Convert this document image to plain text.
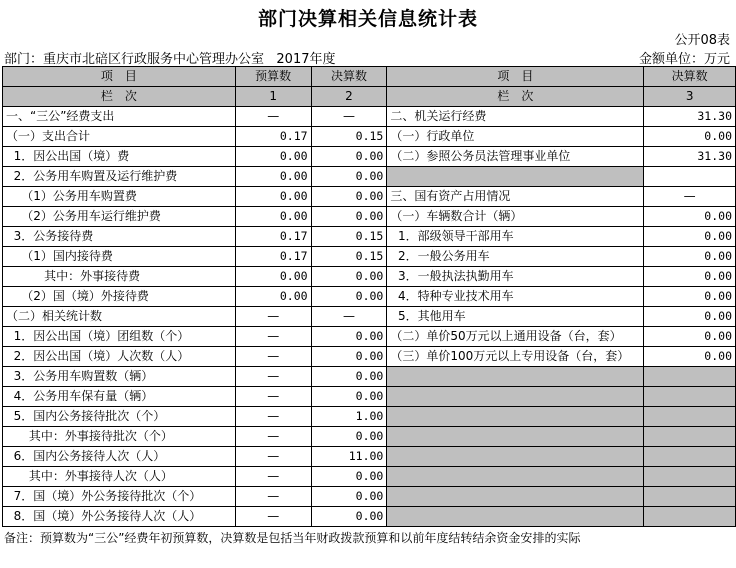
部门决算相关信息统计表
公开08表
部门：重庆市北碚区行政服务中心管理办公室   2017年度	金额单位：万元
项　目	预算数	决算数	项　目	决算数
栏　次	1	2	栏　次	3
一、“三公”经费支出	—	—	二、机关运行经费	31.30
（一）支出合计	0.17	0.15	（一）行政单位	0.00
1．因公出国（境）费	0.00	0.00	（二）参照公务员法管理事业单位	31.30
2．公务用车购置及运行维护费	0.00	0.00		
（1）公务用车购置费	0.00	0.00	三、国有资产占用情况	—
（2）公务用车运行维护费	0.00	0.00	（一）车辆数合计（辆）	0.00
3．公务接待费	0.17	0.15	1．部级领导干部用车	0.00
（1）国内接待费	0.17	0.15	2．一般公务用车	0.00
其中：外事接待费	0.00	0.00	3．一般执法执勤用车	0.00
（2）国（境）外接待费	0.00	0.00	4．特种专业技术用车	0.00
（二）相关统计数	—	—	5．其他用车	0.00
1．因公出国（境）团组数（个）	—	0.00	（二）单价50万元以上通用设备（台，套）	0.00
2．因公出国（境）人次数（人）	—	0.00	（三）单价100万元以上专用设备（台，套）	0.00
3．公务用车购置数（辆）	—	0.00		
4．公务用车保有量（辆）	—	0.00		
5．国内公务接待批次（个）	—	1.00		
其中：外事接待批次（个）	—	0.00		
6．国内公务接待人次（人）	—	11.00		
其中：外事接待人次（人）	—	0.00		
7．国（境）外公务接待批次（个）	—	0.00		
8．国（境）外公务接待人次（人）	—	0.00		
备注：预算数为“三公”经费年初预算数，决算数是包括当年财政拨款预算和以前年度结转结余资金安排的实际
